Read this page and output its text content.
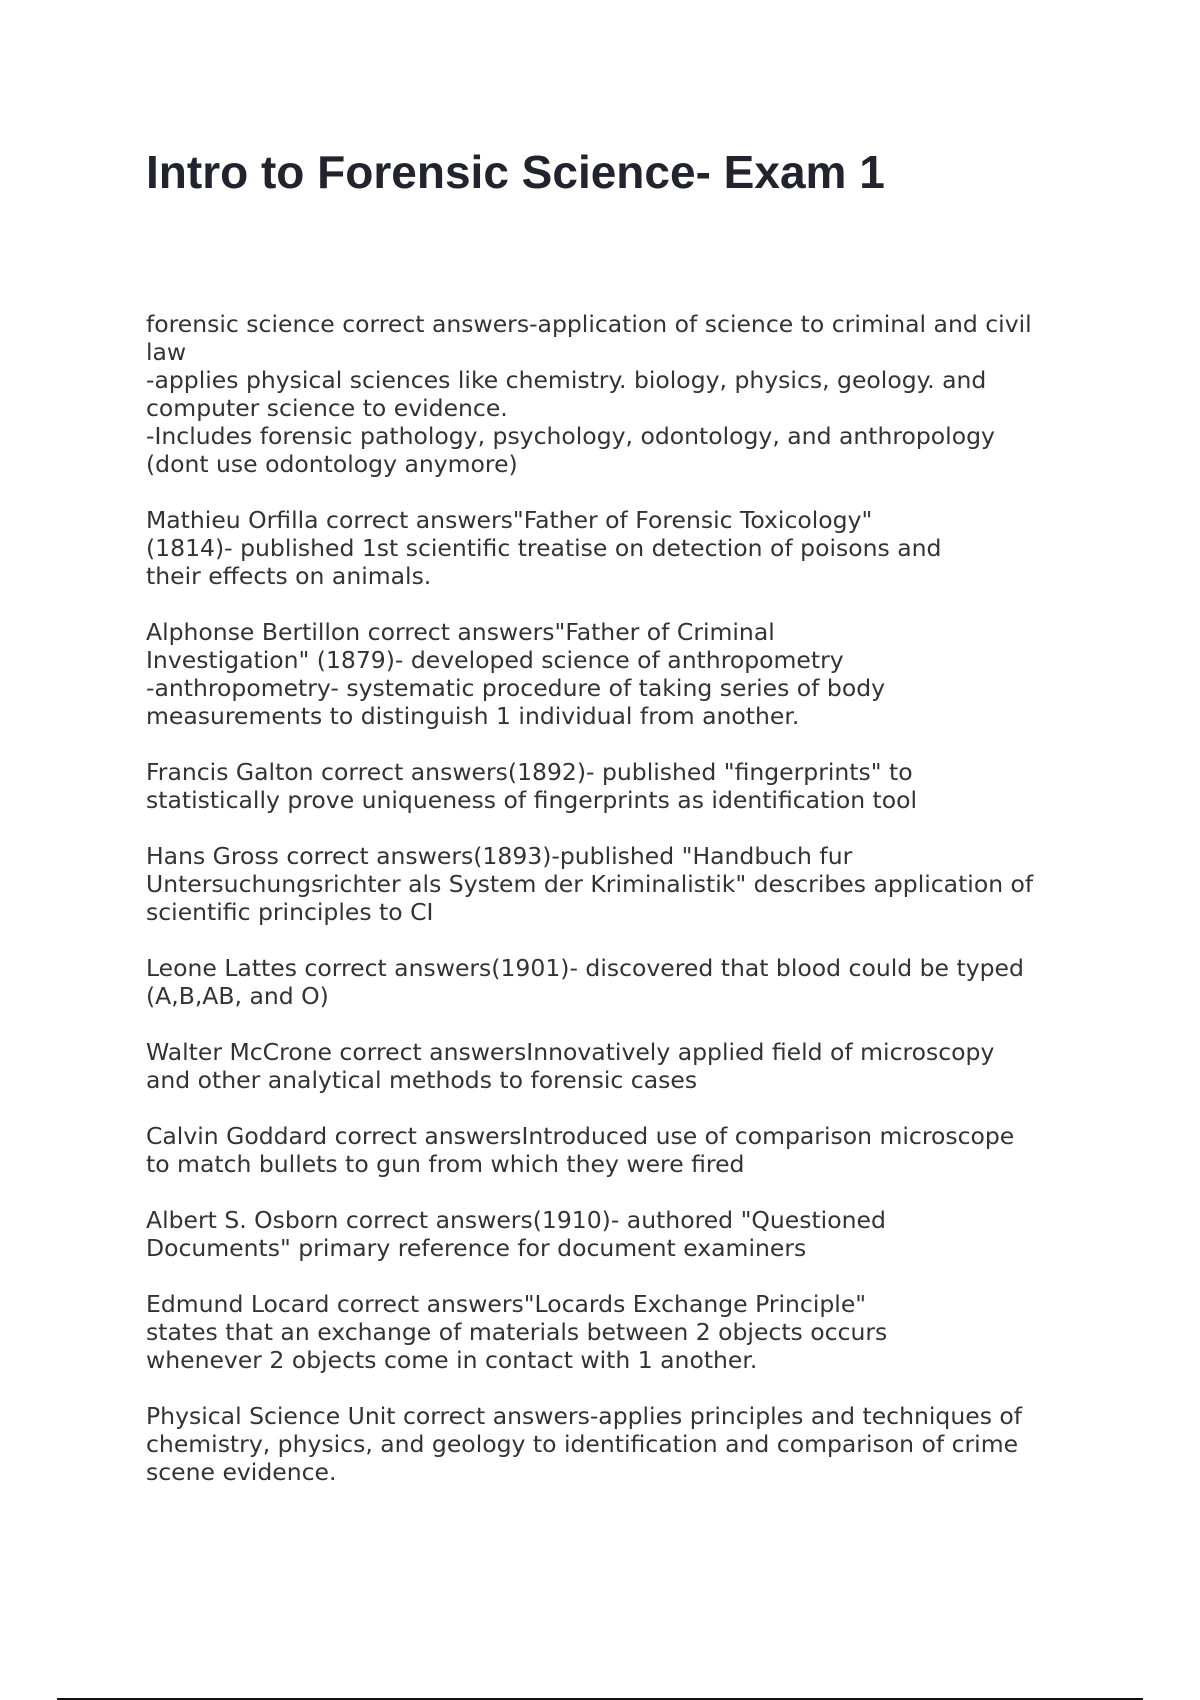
Intro to Forensic Science- Exam 1

forensic science correct answers-application of science to criminal and civil
law
-applies physical sciences like chemistry. biology, physics, geology. and
computer science to evidence.
-Includes forensic pathology, psychology, odontology, and anthropology
(dont use odontology anymore)

Mathieu Orfilla correct answers"Father of Forensic Toxicology"
(1814)- published 1st scientific treatise on detection of poisons and
their effects on animals.

Alphonse Bertillon correct answers"Father of Criminal
Investigation" (1879)- developed science of anthropometry
-anthropometry- systematic procedure of taking series of body
measurements to distinguish 1 individual from another.

Francis Galton correct answers(1892)- published "fingerprints" to
statistically prove uniqueness of fingerprints as identification tool

Hans Gross correct answers(1893)-published "Handbuch fur
Untersuchungsrichter als System der Kriminalistik" describes application of
scientific principles to CI

Leone Lattes correct answers(1901)- discovered that blood could be typed
(A,B,AB, and O)

Walter McCrone correct answersInnovatively applied field of microscopy
and other analytical methods to forensic cases

Calvin Goddard correct answersIntroduced use of comparison microscope
to match bullets to gun from which they were fired

Albert S. Osborn correct answers(1910)- authored "Questioned
Documents" primary reference for document examiners

Edmund Locard correct answers"Locards Exchange Principle"
states that an exchange of materials between 2 objects occurs
whenever 2 objects come in contact with 1 another.

Physical Science Unit correct answers-applies principles and techniques of
chemistry, physics, and geology to identification and comparison of crime
scene evidence.
